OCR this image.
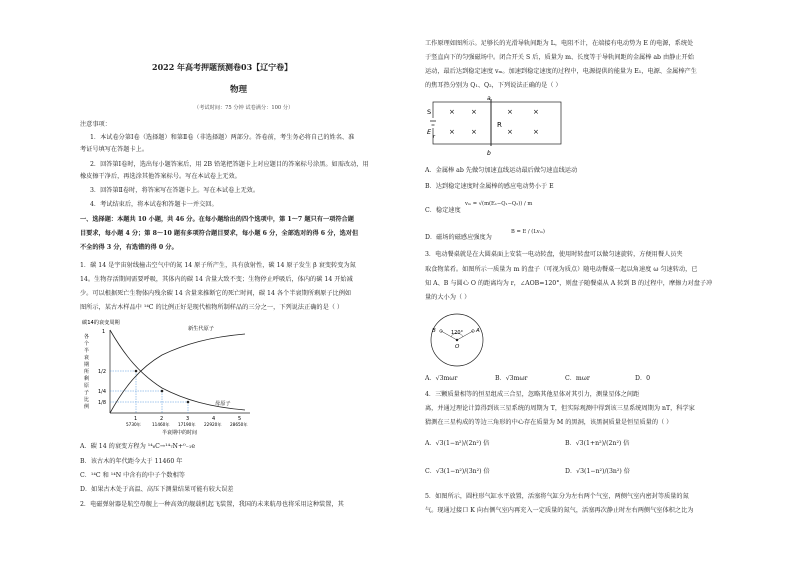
2022 年高考押题预测卷03【辽宁卷】
物理
（考试时间：75 分钟 试卷满分：100 分）
注意事项：
1．本试卷分第Ⅰ卷（选择题）和第Ⅱ卷（非选择题）两部分。答卷前，考生务必将自己的姓名、准
考证号填写在答题卡上。
2．回答第Ⅰ卷时，选出每小题答案后，用 2B 铅笔把答题卡上对应题目的答案标号涂黑。如需改动，用
橡皮擦干净后，再选涂其他答案标号。写在本试卷上无效。
3．回答第Ⅱ卷时，将答案写在答题卡上。写在本试卷上无效。
4．考试结束后，将本试卷和答题卡一并交回。
一、选择题：本题共 10 小题，共 46 分。在每小题给出的四个选项中，第 1～7 题只有一项符合题
目要求，每小题 4 分；第 8～10 题有多项符合题目要求，每小题 6 分，全部选对的得 6 分，选对但
不全的得 3 分，有选错的得 0 分。
1．碳 14 是宇宙射线撞击空气中的氮 14 原子所产生，具有放射性，碳 14 原子发生 β 衰变转变为氮
14。生物存活期间需要呼吸，其体内的碳 14 含量大致不变；生物停止呼吸后，体内的碳 14 开始减
少。可以根据死亡生物体内残余碳 14 含量来推断它的死亡时间，碳 14 各个半衰期所剩原子比例如
图所示，某古木样品中 ¹⁴C 的比例正好是现代植物所制样品的三分之一，下列说法正确的是（ ）
碳14的衰变周期
各
个
半
衰
期
所
剩
原
子
比
例
1
1/2
1/4
1/8
新生代原子
母原子
1	2	3	4	5
5730年	11460年 17190年 22920年 28650年
半衰期中的时间
A．碳 14 的衰变方程为 ¹⁴₆C→¹⁴₇N+⁰₋₁e
B．该古木的年代距今大于 11460 年
C．¹⁴C 和 ¹⁴N 中含有的中子个数相等
D．如果古木处于高温、高压下测量结果可能有较大误差
2．电磁弹射器是航空母舰上一种高效的舰载机起飞装置，我国的未来航母也将采用这种装置，其
工作原理如图所示。足够长的光滑导轨间距为 L，电阻不计，在端接有电动势为 E 的电源，系统处
于竖直向下的匀强磁场中。闭合开关 S 后，质量为 m、长度等于导轨间距的金属棒 ab 由静止开始
运动，最后达到稳定速度 vₘ。加速到稳定速度的过程中，电源提供的能量为 E₁，电源、金属棒产生
的焦耳热分别为 Q₁、Q₂，下列说法正确的是（ ）
a
b
S
E
r
R
× ×
× ×
×	×
×	×
A．金属棒 ab 先做匀加速直线运动最后做匀速直线运动
B．达到稳定速度时金属棒的感应电动势小于 E
C．稳定速度
vₘ = √(m(E₁−Q₁−Q₂)) / m
D．磁场的磁感应强度为
B = E / (Lvₘ)
3．电动餐桌就是在大圆桌面上安装一电动转盘，使用时转盘可以做匀速旋转，方便用餐人员夹
取食物菜肴。如图所示一质量为 m 的盘子（可视为质点）随电动餐桌一起以角速度 ω 匀速转动，已
知 A、B 与圆心 O 的距离均为 r，∠AOB=120°，则盘子随餐桌从 A 转到 B 的过程中，摩擦力对盘子冲
量的大小为（ ）
120°
B	A
O
A．√3mωr	B．√3mωr	C．mωr	D．0
4．三颗质量相等的恒星组成三合星，忽略其他星体对其引力，测量星体之间距
离，并通过理论计算得到该三星系统的周期为 T，但实际观测中得到该三星系统周期为 nT，科学家
猜测在三星构成的等边三角形的中心存在质量为 M 的黑洞，该黑洞质量是恒星质量的（ ）
A．√3(1−n²)/(2n²) 倍	B．√3(1+n²)/(2n²) 倍
C．√3(1−n²)/(3n²) 倍	D．√3(1−n²)/(3n²) 倍
5．如图所示，圆柱形气缸水平放置，活塞将气缸分为左右两个气室，两侧气室内密封等质量的氮
气。现通过接口 K 向右侧气室内再充入一定质量的氮气，活塞再次静止时左右两侧气室体积之比为
